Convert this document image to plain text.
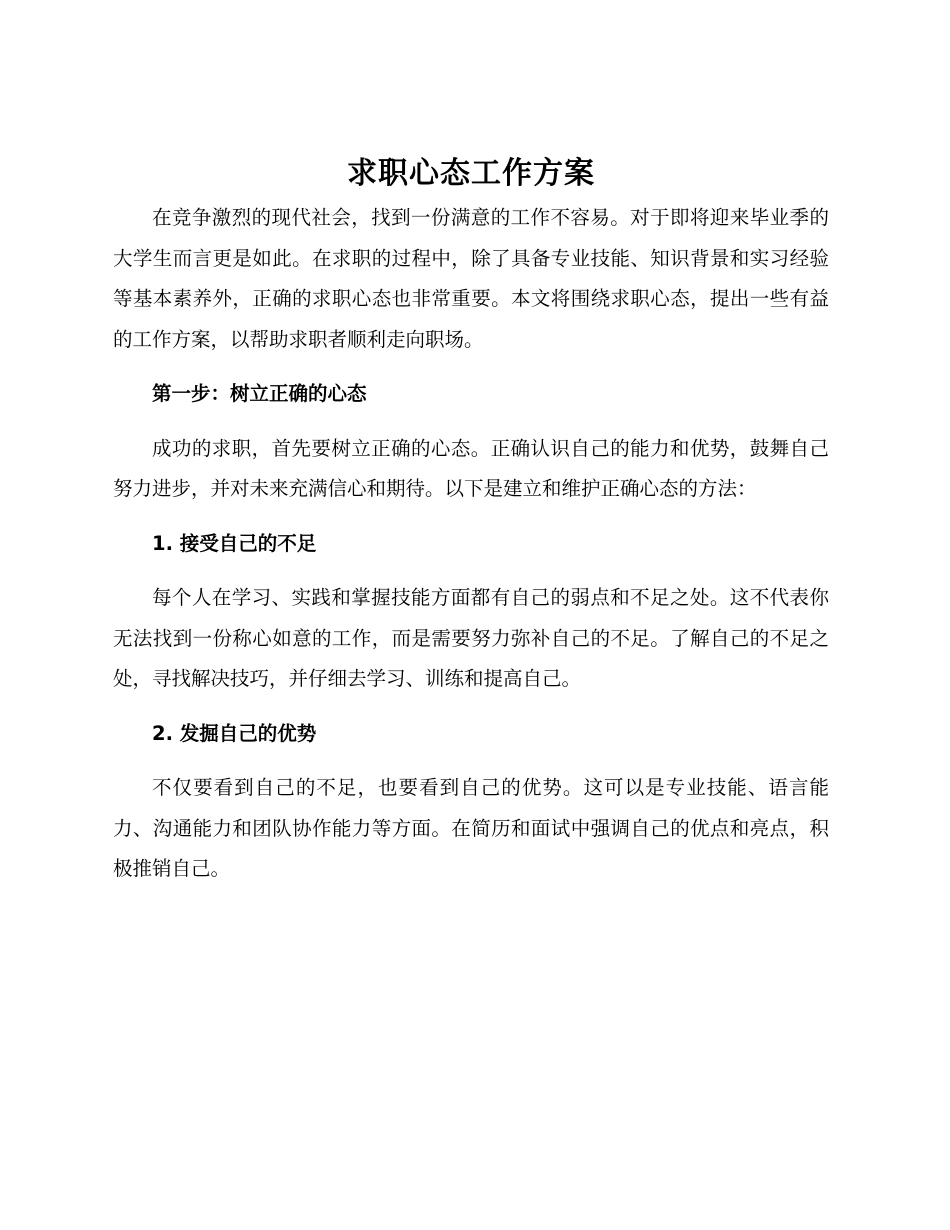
求职心态工作方案

在竞争激烈的现代社会，找到一份满意的工作不容易。对于即将迎来毕业季的大学生而言更是如此。在求职的过程中，除了具备专业技能、知识背景和实习经验等基本素养外，正确的求职心态也非常重要。本文将围绕求职心态，提出一些有益的工作方案，以帮助求职者顺利走向职场。

第一步：树立正确的心态

成功的求职，首先要树立正确的心态。正确认识自己的能力和优势，鼓舞自己努力进步，并对未来充满信心和期待。以下是建立和维护正确心态的方法：

1. 接受自己的不足

每个人在学习、实践和掌握技能方面都有自己的弱点和不足之处。这不代表你无法找到一份称心如意的工作，而是需要努力弥补自己的不足。了解自己的不足之处，寻找解决技巧，并仔细去学习、训练和提高自己。

2. 发掘自己的优势

不仅要看到自己的不足，也要看到自己的优势。这可以是专业技能、语言能力、沟通能力和团队协作能力等方面。在简历和面试中强调自己的优点和亮点，积极推销自己。
